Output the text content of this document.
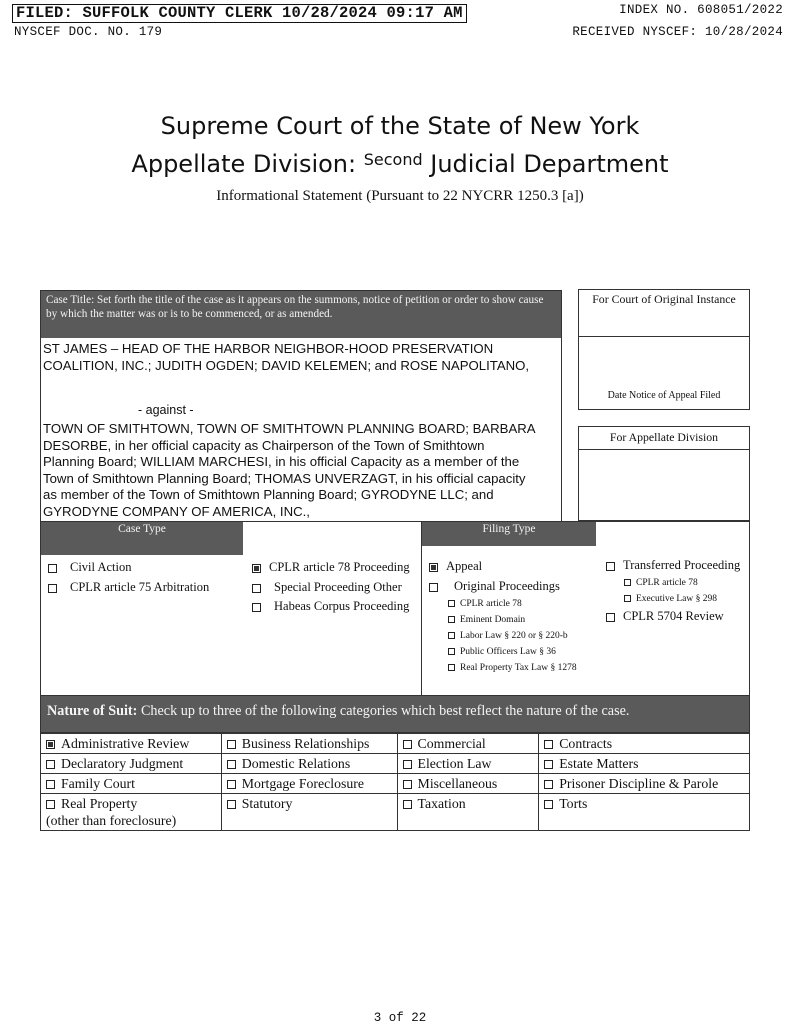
FILED: SUFFOLK COUNTY CLERK 10/28/2024 09:17 AM
NYSCEF DOC. NO. 179
INDEX NO. 608051/2022
RECEIVED NYSCEF: 10/28/2024
Supreme Court of the State of New York
Appellate Division: $^{Second}$ Judicial Department
Informational Statement (Pursuant to 22 NYCRR 1250.3 [a])
Case Title: Set forth the title of the case as it appears on the summons, notice of petition or order to show cause by which the matter was or is to be commenced, or as amended.
ST JAMES – HEAD OF THE HARBOR NEIGHBOR-HOOD PRESERVATION
COALITION, INC.; JUDITH OGDEN; DAVID KELEMEN; and ROSE NAPOLITANO,
- against -
TOWN OF SMITHTOWN, TOWN OF SMITHTOWN PLANNING BOARD; BARBARA
DESORBE, in her official capacity as Chairperson of the Town of Smithtown
Planning Board; WILLIAM MARCHESI, in his official Capacity as a member of the
Town of Smithtown Planning Board; THOMAS UNVERZAGT, in his official capacity
as member of the Town of Smithtown Planning Board; GYRODYNE LLC; and
GYRODYNE COMPANY OF AMERICA, INC.,
For Court of Original Instance
Date Notice of Appeal Filed
For Appellate Division
Case Type	Filing Type
Civil Action
CPLR article 75 Arbitration
CPLR article 78 Proceeding
Special Proceeding Other
Habeas Corpus Proceeding
Appeal
Original Proceedings
CPLR article 78
Eminent Domain
Labor Law § 220 or § 220-b
Public Officers Law § 36
Real Property Tax Law § 1278
Transferred Proceeding
CPLR article 78
Executive Law § 298
CPLR 5704 Review
Nature of Suit: Check up to three of the following categories which best reflect the nature of the case.
Administrative Review	Business Relationships	Commercial	Contracts
Declaratory Judgment	Domestic Relations	Election Law	Estate Matters
Family Court	Mortgage Foreclosure	Miscellaneous	Prisoner Discipline & Parole
Real Property
(other than foreclosure)	Statutory	Taxation	Torts
3 of 22
